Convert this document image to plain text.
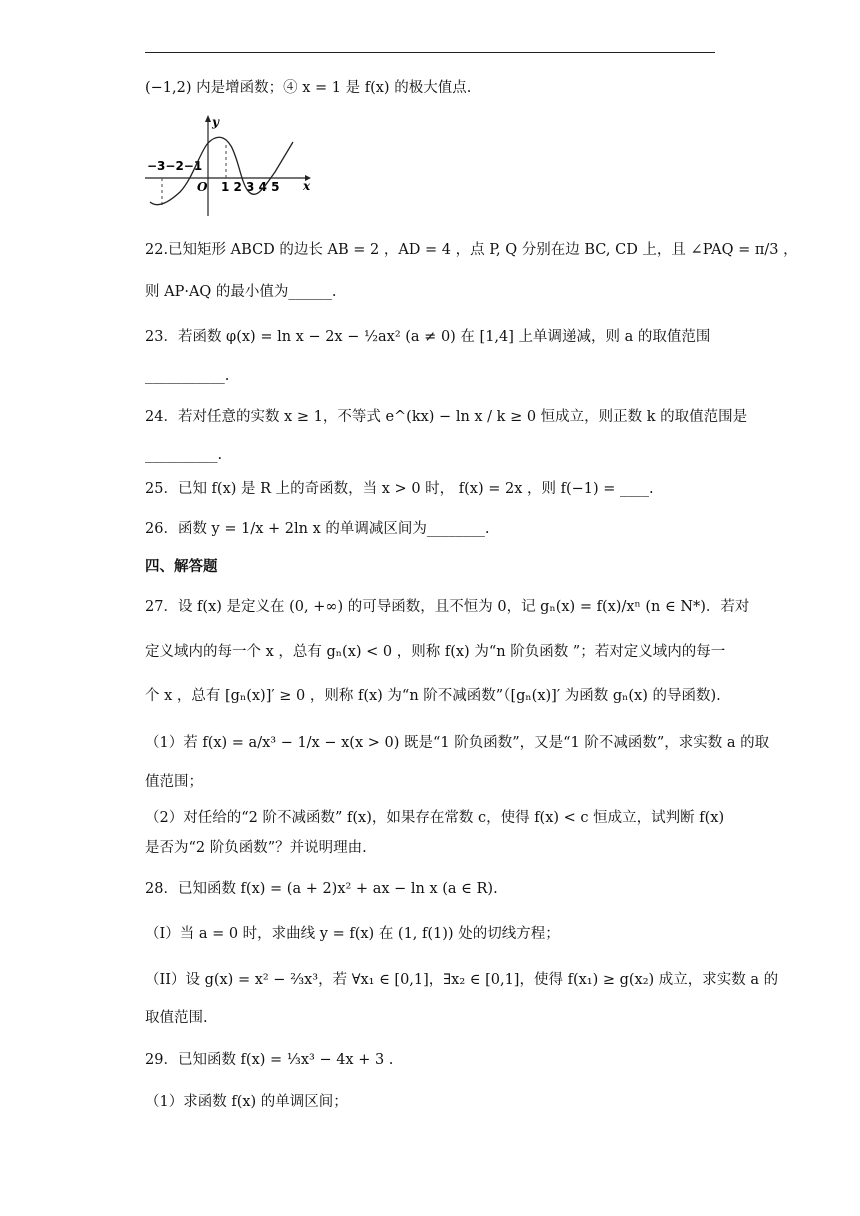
(−1,2) 内是增函数；④ x = 1 是 f(x) 的极大值点.
y
x
−3−2−1
O 1 2 3 4 5
22.已知矩形 ABCD 的边长 AB = 2 ，AD = 4 ，点 P, Q 分别在边 BC, CD 上，且 ∠PAQ = π/3 ，
则 AP·AQ 的最小值为______.
23．若函数 φ(x) = ln x − 2x − ½ax² (a ≠ 0) 在 [1,4] 上单调递减，则 a 的取值范围
___________.
24．若对任意的实数 x ≥ 1，不等式 e^(kx) − ln x / k ≥ 0 恒成立，则正数 k 的取值范围是
__________.
25．已知 f(x) 是 R 上的奇函数，当 x > 0 时， f(x) = 2x ，则 f(−1) = ____.
26．函数 y = 1/x + 2ln x 的单调减区间为________.
四、解答题
27．设 f(x) 是定义在 (0, +∞) 的可导函数，且不恒为 0，记 gₙ(x) = f(x)/xⁿ (n ∈ N*)．若对
定义域内的每一个 x ，总有 gₙ(x) < 0 ，则称 f(x) 为“n 阶负函数 ”；若对定义域内的每一
个 x ，总有 [gₙ(x)]′ ≥ 0 ，则称 f(x) 为“n 阶不减函数”（[gₙ(x)]′ 为函数 gₙ(x) 的导函数).
（1）若 f(x) = a/x³ − 1/x − x(x > 0) 既是“1 阶负函数”，又是“1 阶不减函数”，求实数 a 的取
值范围；
（2）对任给的“2 阶不减函数” f(x)，如果存在常数 c，使得 f(x) < c 恒成立，试判断 f(x)
是否为“2 阶负函数”？并说明理由.
28．已知函数 f(x) = (a + 2)x² + ax − ln x (a ∈ R).
（I）当 a = 0 时，求曲线 y = f(x) 在 (1, f(1)) 处的切线方程；
（II）设 g(x) = x² − ⅔x³，若 ∀x₁ ∈ [0,1]，∃x₂ ∈ [0,1]，使得 f(x₁) ≥ g(x₂) 成立，求实数 a 的
取值范围.
29．已知函数 f(x) = ⅓x³ − 4x + 3 .
（1）求函数 f(x) 的单调区间；
